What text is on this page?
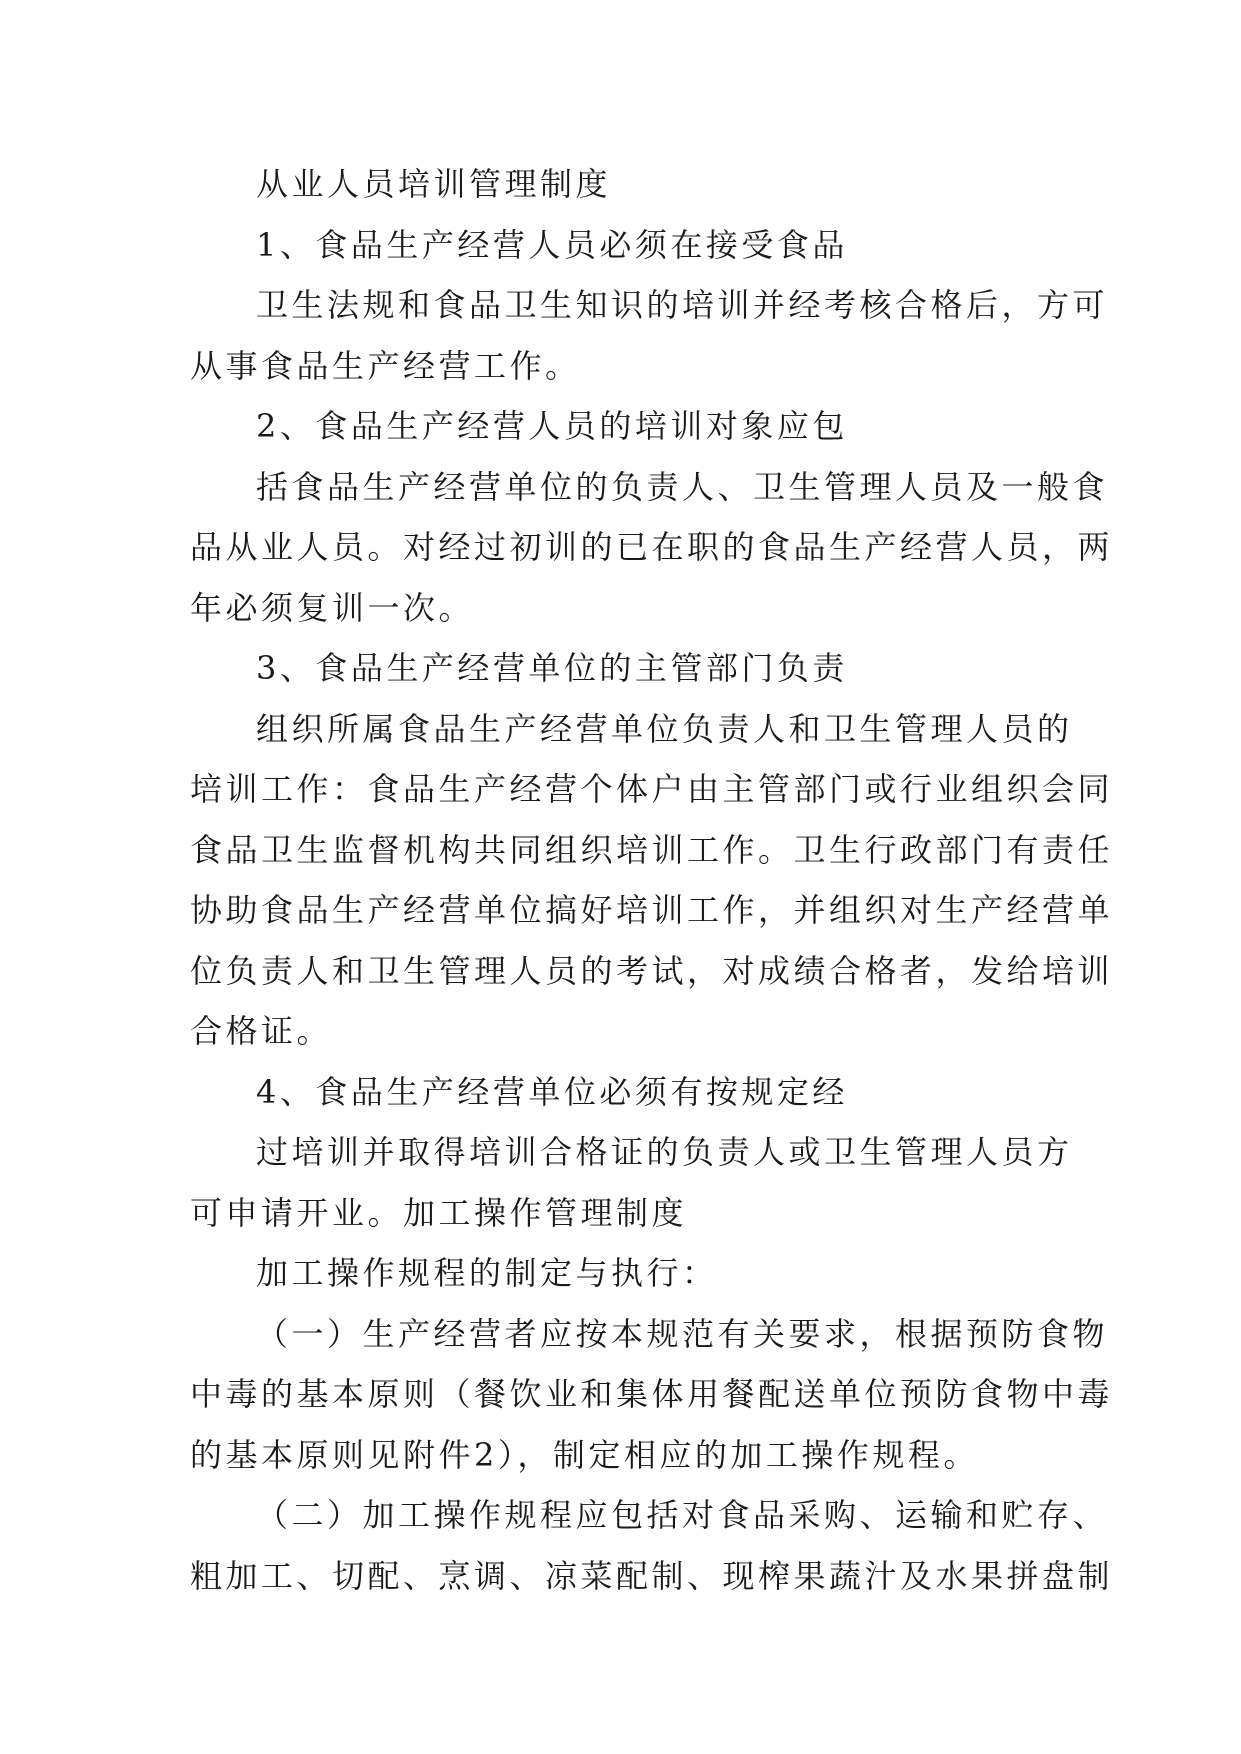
从业人员培训管理制度
1、食品生产经营人员必须在接受食品
卫生法规和食品卫生知识的培训并经考核合格后，方可
从事食品生产经营工作。
2、食品生产经营人员的培训对象应包
括食品生产经营单位的负责人、卫生管理人员及一般食
品从业人员。对经过初训的已在职的食品生产经营人员，两
年必须复训一次。
3、食品生产经营单位的主管部门负责
组织所属食品生产经营单位负责人和卫生管理人员的
培训工作：食品生产经营个体户由主管部门或行业组织会同
食品卫生监督机构共同组织培训工作。卫生行政部门有责任
协助食品生产经营单位搞好培训工作，并组织对生产经营单
位负责人和卫生管理人员的考试，对成绩合格者，发给培训
合格证。
4、食品生产经营单位必须有按规定经
过培训并取得培训合格证的负责人或卫生管理人员方
可申请开业。加工操作管理制度
加工操作规程的制定与执行：
（一）生产经营者应按本规范有关要求，根据预防食物
中毒的基本原则（餐饮业和集体用餐配送单位预防食物中毒
的基本原则见附件2），制定相应的加工操作规程。
（二）加工操作规程应包括对食品采购、运输和贮存、
粗加工、切配、烹调、凉菜配制、现榨果蔬汁及水果拼盘制
